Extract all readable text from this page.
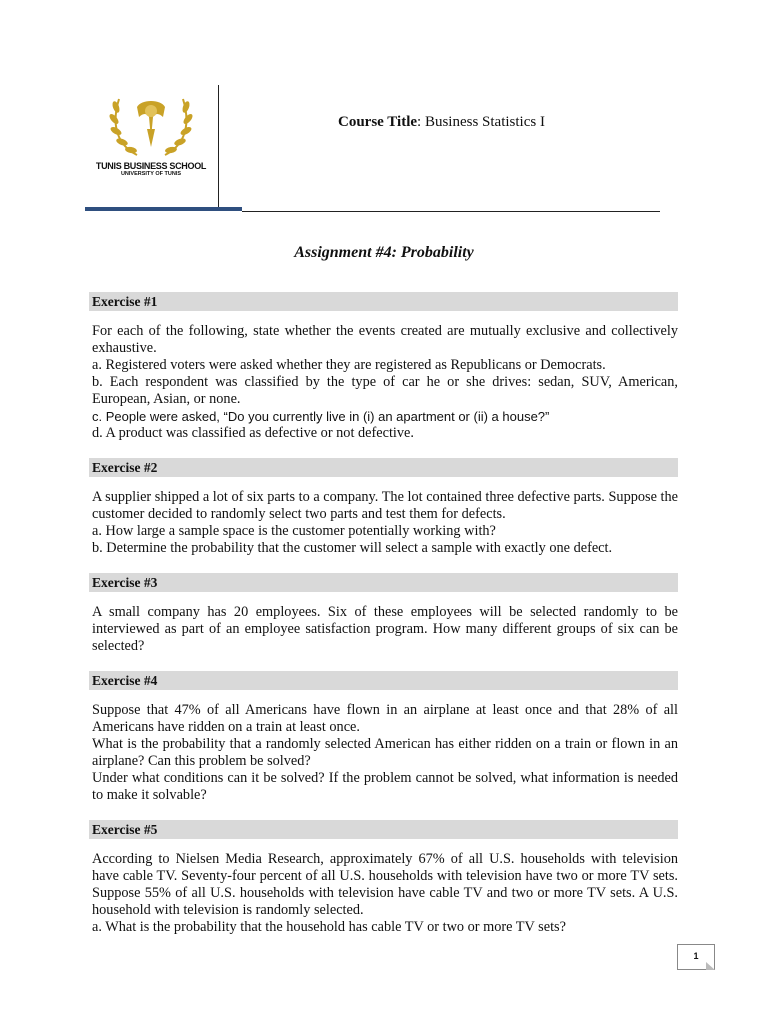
TUNIS BUSINESS SCHOOL
UNIVERSITY OF TUNIS
Course Title: Business Statistics I
Assignment #4: Probability
Exercise #1

For each of the following, state whether the events created are mutually exclusive and collectively exhaustive.

a. Registered voters were asked whether they are registered as Republicans or Democrats.

b. Each respondent was classified by the type of car he or she drives: sedan, SUV, American, European, Asian, or none.

c. People were asked, “Do you currently live in (i) an apartment or (ii) a house?”

d. A product was classified as defective or not defective.

Exercise #2

A supplier shipped a lot of six parts to a company. The lot contained three defective parts. Suppose the customer decided to randomly select two parts and test them for defects.

a. How large a sample space is the customer potentially working with?

b. Determine the probability that the customer will select a sample with exactly one defect.

Exercise #3

A small company has 20 employees. Six of these employees will be selected randomly to be interviewed as part of an employee satisfaction program. How many different groups of six can be selected?

Exercise #4

Suppose that 47% of all Americans have flown in an airplane at least once and that 28% of all Americans have ridden on a train at least once.

What is the probability that a randomly selected American has either ridden on a train or flown in an airplane? Can this problem be solved?

Under what conditions can it be solved? If the problem cannot be solved, what information is needed to make it solvable?

Exercise #5

According to Nielsen Media Research, approximately 67% of all U.S. households with television have cable TV. Seventy-four percent of all U.S. households with television have two or more TV sets. Suppose 55% of all U.S. households with television have cable TV and two or more TV sets. A U.S. household with television is randomly selected.

a. What is the probability that the household has cable TV or two or more TV sets?

1
